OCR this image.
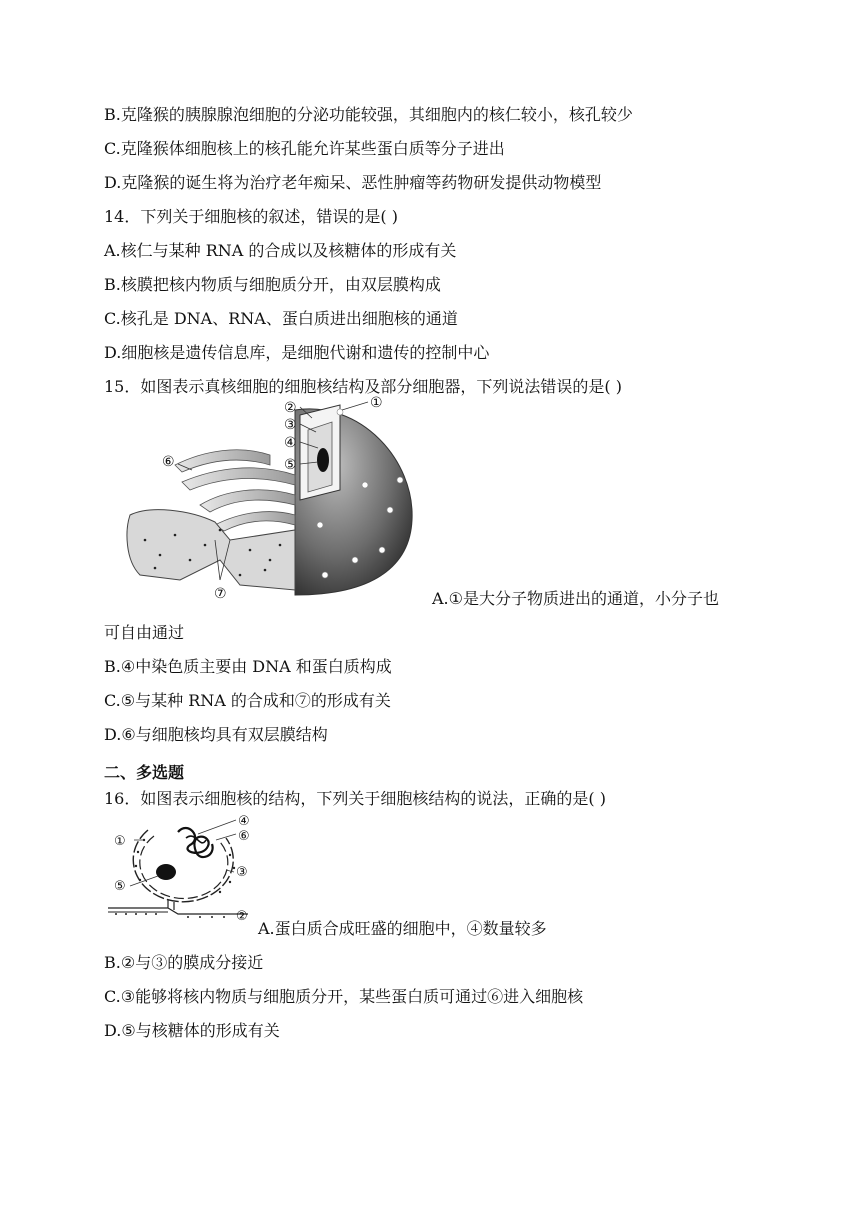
B.克隆猴的胰腺腺泡细胞的分泌功能较强，其细胞内的核仁较小，核孔较少
C.克隆猴体细胞核上的核孔能允许某些蛋白质等分子进出
D.克隆猴的诞生将为治疗老年痴呆、恶性肿瘤等药物研发提供动物模型
14．下列关于细胞核的叙述，错误的是( )
A.核仁与某种 RNA 的合成以及核糖体的形成有关
B.核膜把核内物质与细胞质分开，由双层膜构成
C.核孔是 DNA、RNA、蛋白质进出细胞核的通道
D.细胞核是遗传信息库，是细胞代谢和遗传的控制中心
15．如图表示真核细胞的细胞核结构及部分细胞器，下列说法错误的是( )
①
②
③
④
⑤
⑥
⑦	A.①是大分子物质进出的通道，小分子也
可自由通过
B.④中染色质主要由 DNA 和蛋白质构成
C.⑤与某种 RNA 的合成和⑦的形成有关
D.⑥与细胞核均具有双层膜结构
二、多选题
16．如图表示细胞核的结构，下列关于细胞核结构的说法，正确的是( )
①
②
③
④
⑤
⑥
A.蛋白质合成旺盛的细胞中，④数量较多
B.②与③的膜成分接近
C.③能够将核内物质与细胞质分开，某些蛋白质可通过⑥进入细胞核
D.⑤与核糖体的形成有关
